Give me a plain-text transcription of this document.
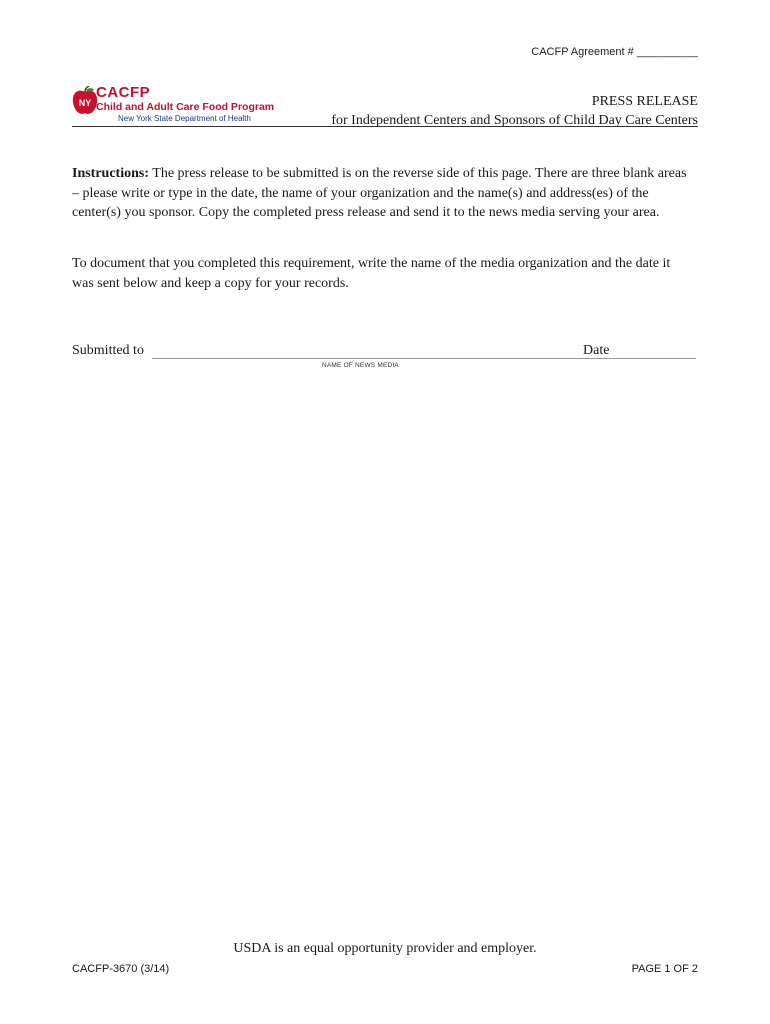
CACFP Agreement # __________
NY
CACFP
Child and Adult Care Food Program
New York State Department of Health
PRESS RELEASE
for Independent Centers and Sponsors of Child Day Care Centers

Instructions: The press release to be submitted is on the reverse side of this page. There are three blank areas – please write or type in the date, the name of your organization and the name(s) and address(es) of the center(s) you sponsor. Copy the completed press release and send it to the news media serving your area.

To document that you completed this requirement, write the name of the media organization and the date it was sent below and keep a copy for your records.

Submitted to	Date
NAME OF NEWS MEDIA
USDA is an equal opportunity provider and employer.
CACFP-3670 (3/14)	PAGE 1 OF 2
